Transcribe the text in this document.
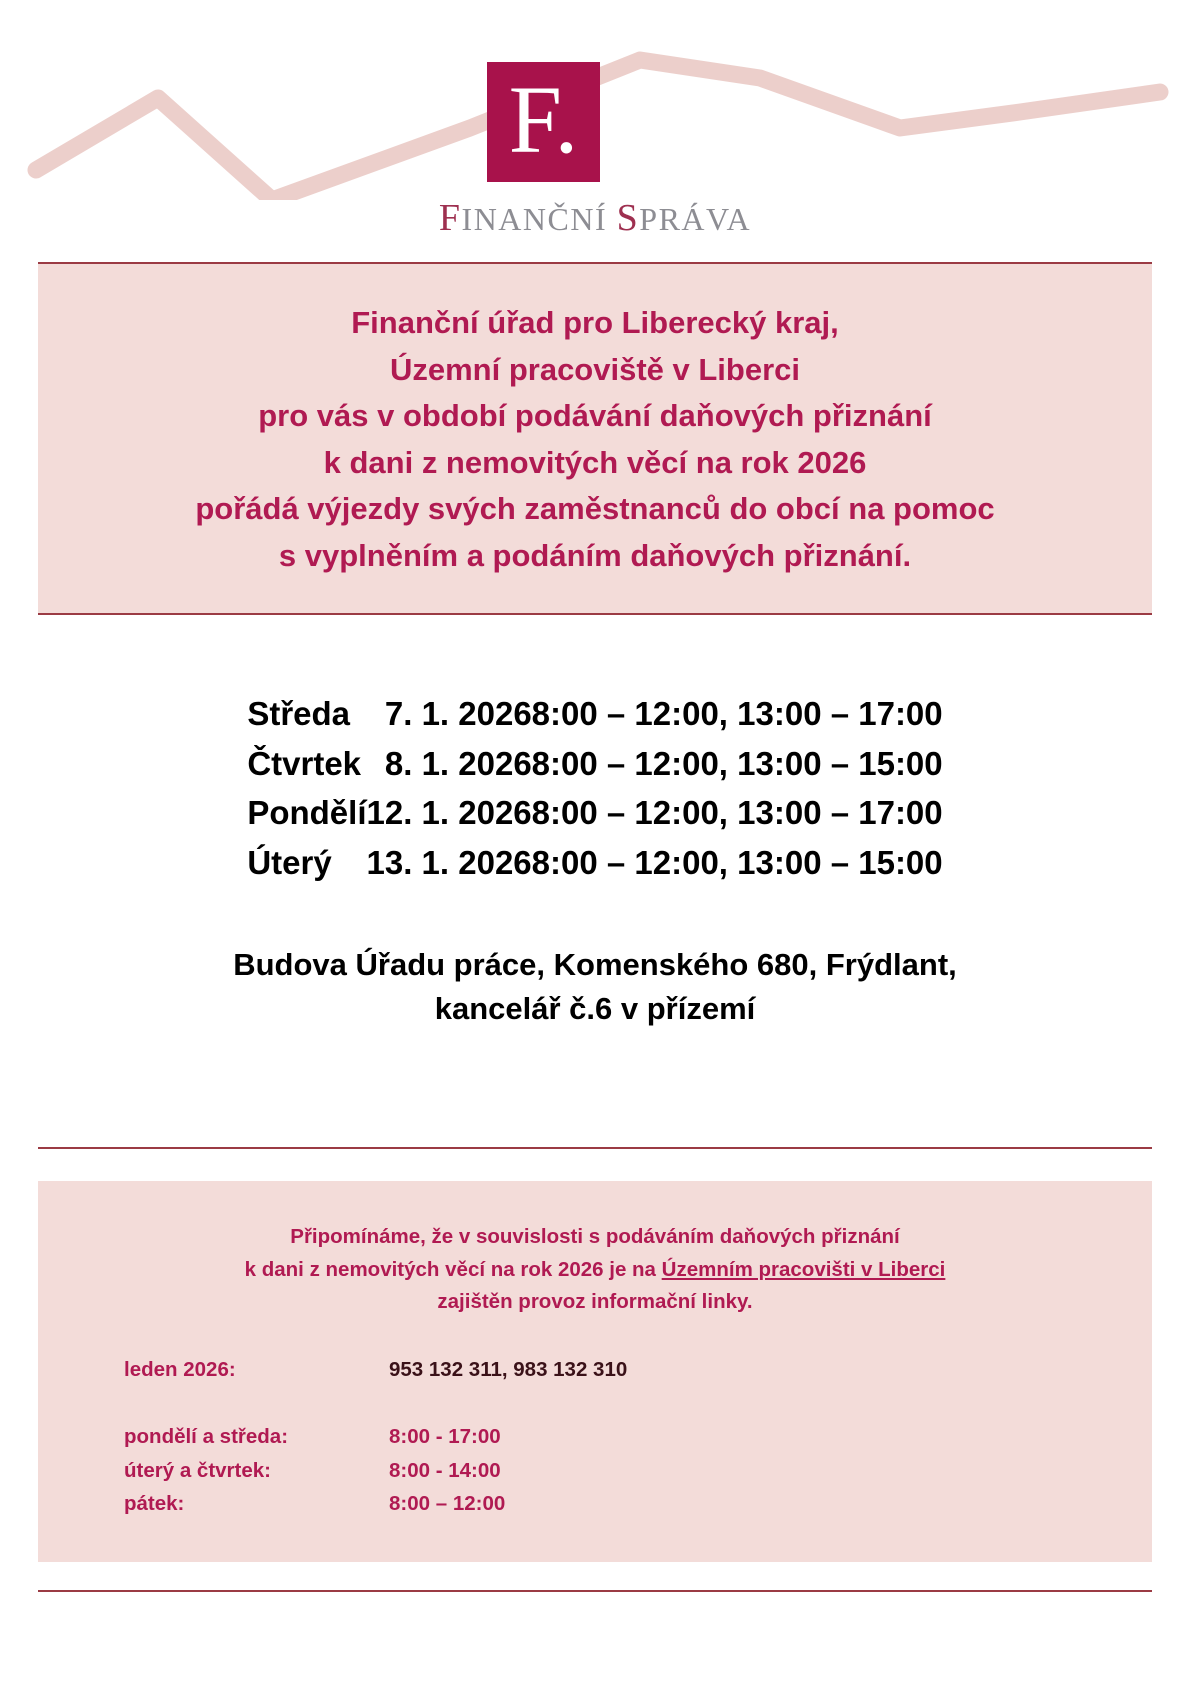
F.
FINANČNÍ SPRÁVA
Finanční úřad pro Liberecký kraj,
Územní pracoviště v Liberci
pro vás v období podávání daňových přiznání
k dani z nemovitých věcí na rok 2026
pořádá výjezdy svých zaměstnanců do obcí na pomoc
s vyplněním a podáním daňových přiznání.
Středa	7. 1. 2026	8:00 – 12:00, 13:00 – 17:00
Čtvrtek	8. 1. 2026	8:00 – 12:00, 13:00 – 15:00
Pondělí	12. 1. 2026	8:00 – 12:00, 13:00 – 17:00
Úterý	13. 1. 2026	8:00 – 12:00, 13:00 – 15:00
Budova Úřadu práce, Komenského 680, Frýdlant,
kancelář č.6 v přízemí
Připomínáme, že v souvislosti s podáváním daňových přiznání
k dani z nemovitých věcí na rok 2026 je na Územním pracovišti v Liberci
zajištěn provoz informační linky.
leden 2026:	953 132 311, 983 132 310
pondělí a středa:	8:00 - 17:00
úterý a čtvrtek:	8:00 - 14:00
pátek:	8:00 – 12:00
